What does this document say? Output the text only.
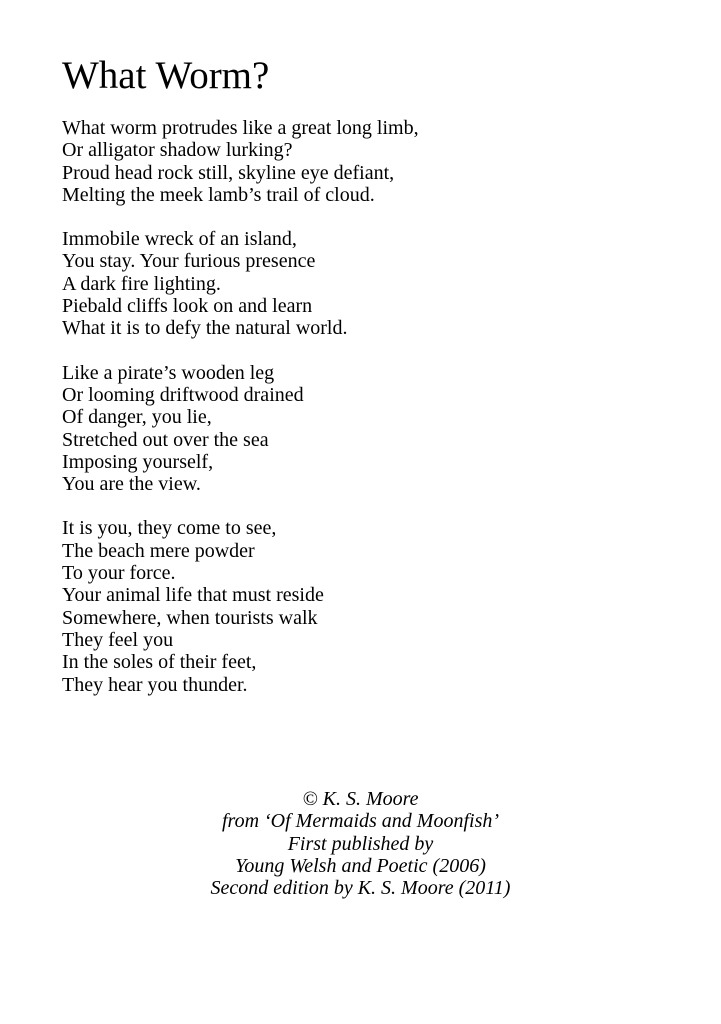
What Worm?
What worm protrudes like a great long limb,
Or alligator shadow lurking?
Proud head rock still, skyline eye defiant,
Melting the meek lamb’s trail of cloud.
Immobile wreck of an island,
You stay. Your furious presence
A dark fire lighting.
Piebald cliffs look on and learn
What it is to defy the natural world.
Like a pirate’s wooden leg
Or looming driftwood drained
Of danger, you lie,
Stretched out over the sea
Imposing yourself,
You are the view.
It is you, they come to see,
The beach mere powder
To your force.
Your animal life that must reside
Somewhere, when tourists walk
They feel you
In the soles of their feet,
They hear you thunder.
© K. S. Moore
from ‘Of Mermaids and Moonfish’
First published by
Young Welsh and Poetic (2006)
Second edition by K. S. Moore (2011)
